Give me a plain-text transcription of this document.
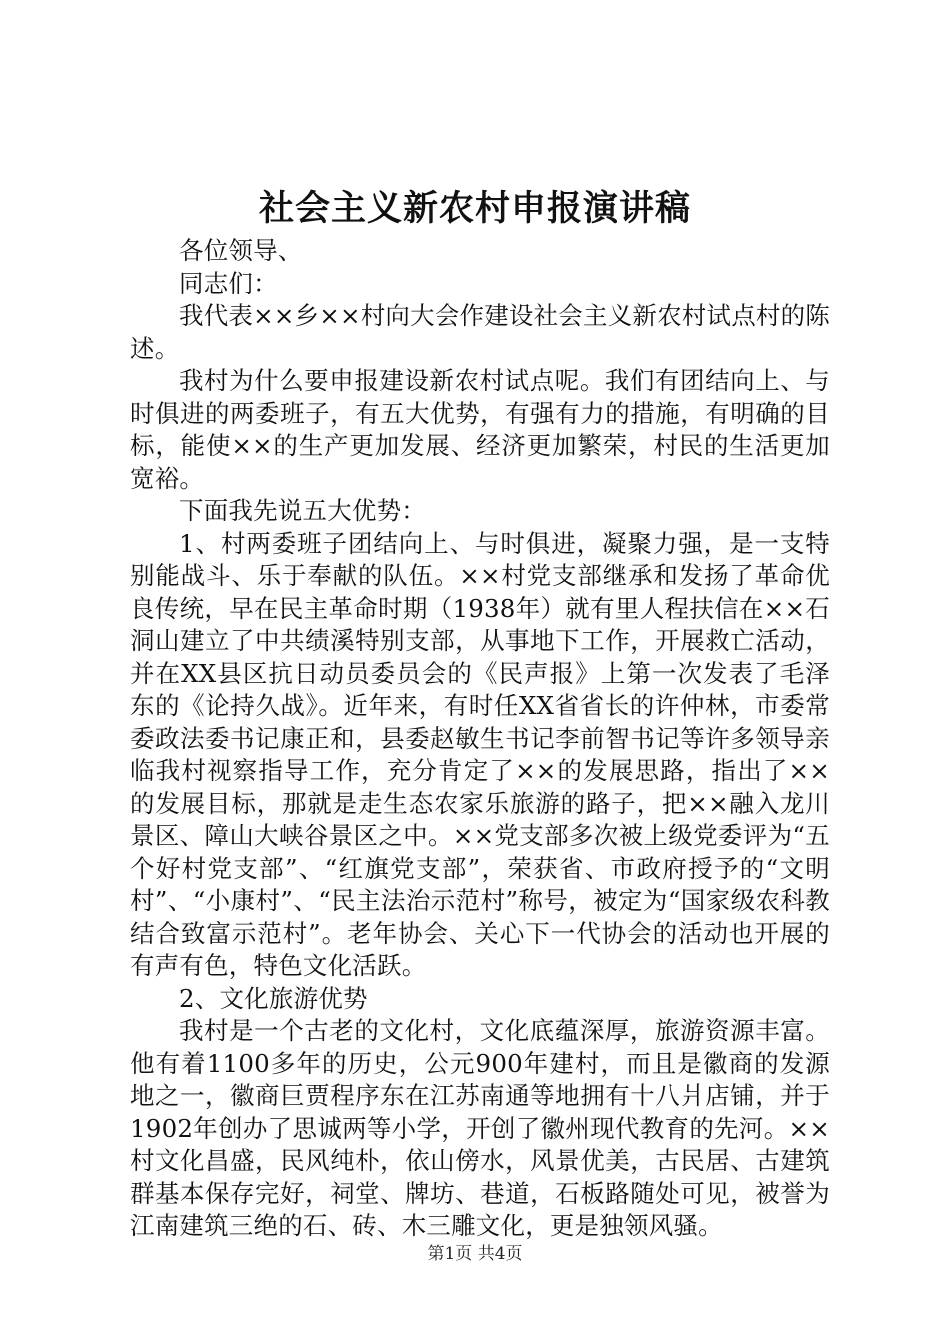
社会主义新农村申报演讲稿

各位领导、

同志们：

我代表××乡××村向大会作建设社会主义新农村试点村的陈述。

我村为什么要申报建设新农村试点呢。我们有团结向上、与时俱进的两委班子，有五大优势，有强有力的措施，有明确的目标，能使××的生产更加发展、经济更加繁荣，村民的生活更加宽裕。

下面我先说五大优势：

1、村两委班子团结向上、与时俱进，凝聚力强，是一支特别能战斗、乐于奉献的队伍。××村党支部继承和发扬了革命优良传统，早在民主革命时期（1938年）就有里人程扶信在××石洞山建立了中共绩溪特别支部，从事地下工作，开展救亡活动，并在XX县区抗日动员委员会的《民声报》上第一次发表了毛泽东的《论持久战》。近年来，有时任XX省省长的许仲林，市委常委政法委书记康正和，县委赵敏生书记李前智书记等许多领导亲临我村视察指导工作，充分肯定了××的发展思路，指出了××的发展目标，那就是走生态农家乐旅游的路子，把××融入龙川景区、障山大峡谷景区之中。××党支部多次被上级党委评为“五个好村党支部”、“红旗党支部”，荣获省、市政府授予的“文明村”、“小康村”、“民主法治示范村”称号，被定为“国家级农科教结合致富示范村”。老年协会、关心下一代协会的活动也开展的有声有色，特色文化活跃。

2、文化旅游优势

我村是一个古老的文化村，文化底蕴深厚，旅游资源丰富。他有着1100多年的历史，公元900年建村，而且是徽商的发源地之一，徽商巨贾程序东在江苏南通等地拥有十八爿店铺，并于1902年创办了思诚两等小学，开创了徽州现代教育的先河。××村文化昌盛，民风纯朴，依山傍水，风景优美，古民居、古建筑群基本保存完好，祠堂、牌坊、巷道，石板路随处可见，被誉为江南建筑三绝的石、砖、木三雕文化，更是独领风骚。

第1页 共4页
